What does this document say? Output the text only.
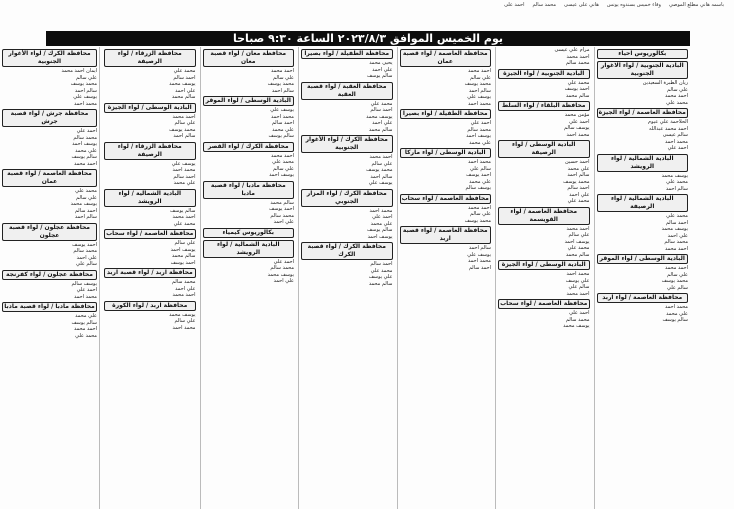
باسمه هاني مطلع الموصي
وفاء خميس بسندوه يونس
هاني على عيسى
محمد سالم
احمد على
يوم الخميس الموافق ٢٠٢٣/٨/٣ الساعة ٩:٣٠ صباحا
محافظة الكرك / لواء الأغوار الجنوبية
ايمان احمد محمد
علي سالم
محمد يوسف
سالم احمد
يوسف علي
محمد احمد
محافظة جرش / لواء قصبة جرش
احمد علي
محمد سالم
يوسف احمد
علي محمد
سالم يوسف
احمد محمد
محافظة العاصمة / لواء قصبة عمان
محمد علي
علي سالم
يوسف محمد
احمد سالم
سالم احمد
محافظة عجلون / لواء قصبة عجلون
احمد يوسف
محمد سالم
علي احمد
سالم علي
محافظة عجلون / لواء كفرنجة
يوسف سالم
احمد علي
محمد احمد
محافظة مادبا / لواء قصبة مادبا
علي محمد
سالم يوسف
احمد محمد
محمد علي
بكالوريوس احياء
البادية الجنوبية / لواء الاغوار الجنوبية
ريان الطبرة السعيدين
علي سالم
احمد محمد
محمد علي
محافظة العاصمة / لواء الجيزة
الحلاحمة علي عيوم
احمد محمد عبدالله
سالم عيسى
محمد احمد
احمد علي
البادية الشمالية / لواء الرويشد
يوسف محمد
محمد علي
سالم احمد
البادية الشمالية / لواء الرصيفة
محمد علي
احمد سالم
يوسف محمد
علي احمد
محمد سالم
احمد محمد
البادية الوسطى / لواء الموقر
احمد محمد
علي سالم
محمد يوسف
سالم علي
محافظة العاصمة / لواء اربد
محمد احمد
علي محمد
سالم يوسف
مرام علي عيسى
احمد محمد
محمد سالم
البادية الجنوبية / لواء الجيزة
محمد علي
احمد يوسف
سالم محمد
محافظة البلقاء / لواء السلط
مؤمن محمد
احمد علي
يوسف سالم
محمد احمد
البادية الوسطى / لواء الرصيفة
احمد حسين
علي محمد
سالم احمد
محمد يوسف
احمد سالم
علي احمد
محمد علي
محافظة العاصمة / لواء القويسمة
احمد محمد
علي سالم
يوسف احمد
محمد علي
سالم محمد
البادية الوسطى / لواء الجيزة
محمد احمد
علي يوسف
سالم علي
احمد محمد
محافظة العاصمة / لواء سحاب
احمد علي
محمد سالم
يوسف محمد
محافظة العاصمة / لواء قصبة عمان
احمد محمد
علي سالم
محمد يوسف
سالم احمد
يوسف علي
محمد احمد
محافظة الطفيلة / لواء بصيرا
احمد علي
محمد سالم
يوسف احمد
علي محمد
البادية الوسطى / لواء ماركا
محمد احمد
سالم علي
احمد يوسف
علي محمد
يوسف سالم
محافظة العاصمة / لواء سحاب
احمد محمد
علي سالم
محمد يوسف
محافظة العاصمة / لواء قصبة اربد
سالم احمد
يوسف علي
محمد احمد
احمد سالم
محافظة الطفيلة / لواء بصيرا
يحيى محمد
علي احمد
سالم يوسف
محافظة العقبة / لواء قصبة العقبة
محمد علي
احمد سالم
يوسف محمد
علي احمد
سالم محمد
محافظة الكرك / لواء الأغوار الجنوبية
احمد محمد
علي سالم
محمد يوسف
سالم احمد
يوسف علي
محافظة الكرك / لواء المزار الجنوبي
محمد احمد
احمد علي
علي محمد
سالم يوسف
يوسف احمد
محافظة الكرك / لواء قصبة الكرك
احمد سالم
محمد علي
علي يوسف
سالم محمد
محافظة معان / لواء قصبة معان
احمد محمد
علي سالم
محمد يوسف
سالم احمد
البادية الوسطى / لواء الموقر
يوسف علي
محمد احمد
احمد سالم
علي محمد
سالم يوسف
محافظة الكرك / لواء القصر
احمد محمد
محمد علي
علي سالم
يوسف احمد
محافظة مادبا / لواء قصبة مادبا
سالم محمد
احمد يوسف
محمد سالم
علي احمد
بكالوريوس كيمياء
البادية الشمالية / لواء الرويشد
احمد علي
محمد سالم
يوسف محمد
علي احمد
محافظة الزرقاء / لواء الرصيفة
محمد علي
احمد سالم
يوسف محمد
علي احمد
سالم محمد
البادية الوسطى / لواء الجيزة
احمد محمد
علي سالم
محمد يوسف
سالم احمد
محافظة الزرقاء / لواء الرصيفة
يوسف علي
محمد احمد
احمد سالم
علي محمد
البادية الشمالية / لواء الرويشد
سالم يوسف
احمد محمد
محمد علي
محافظة العاصمة / لواء سحاب
علي سالم
يوسف احمد
سالم محمد
احمد يوسف
محافظة اربد / لواء قصبة اربد
محمد سالم
علي احمد
احمد محمد
محافظة اربد / لواء الكورة
يوسف محمد
علي سالم
محمد احمد
